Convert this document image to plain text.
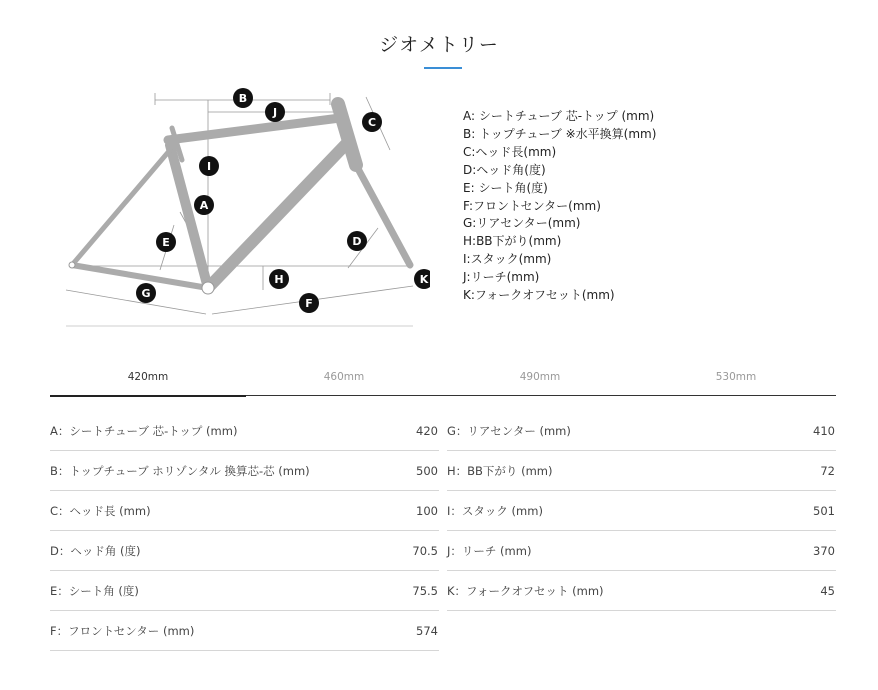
ジオメトリー
B
J
C
I
A
E	D
K
H
G
F
A: シートチューブ 芯-トップ (mm)
B: トップチューブ ※水平換算(mm)
C:ヘッド長(mm)
D:ヘッド角(度)
E: シート角(度)
F:フロントセンター(mm)
G:リアセンター(mm)
H:BB下がり(mm)
I:スタック(mm)
J:リーチ(mm)
K:フォークオフセット(mm)
420mm	460mm	490mm	530mm
A：シートチューブ 芯-トップ (mm)	420
B：トップチューブ ホリゾンタル 換算芯-芯 (mm)	500
C：ヘッド長 (mm)	100
D：ヘッド角 (度)	70.5
E：シート角 (度)	75.5
F：フロントセンター (mm)	574
G：リアセンター (mm)	410
H：BB下がり (mm)	72
I：スタック (mm)	501
J：リーチ (mm)	370
K：フォークオフセット (mm)	45
